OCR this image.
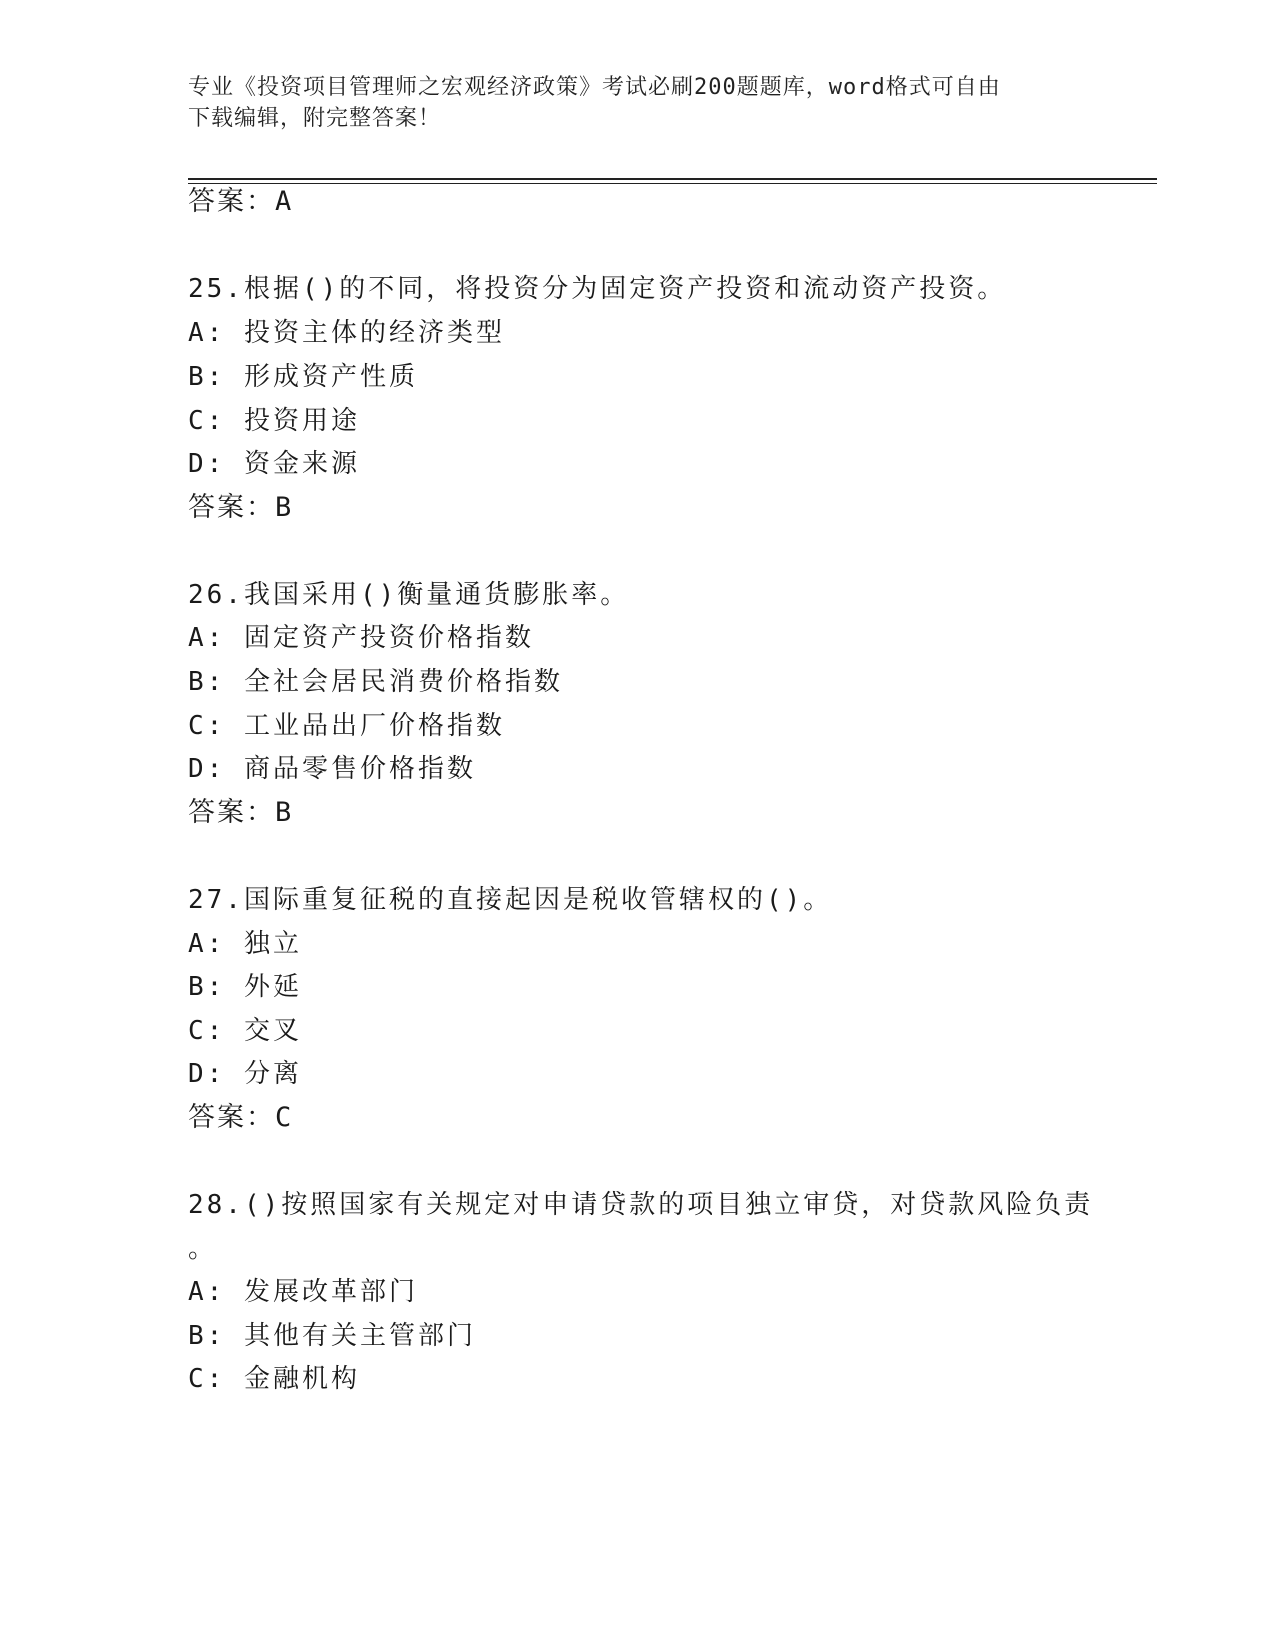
专业《投资项目管理师之宏观经济政策》考试必刷200题题库，word格式可自由
下载编辑，附完整答案！
答案：A
25.根据()的不同，将投资分为固定资产投资和流动资产投资。
A: 投资主体的经济类型
B: 形成资产性质
C: 投资用途
D: 资金来源
答案：B
26.我国采用()衡量通货膨胀率。
A: 固定资产投资价格指数
B: 全社会居民消费价格指数
C: 工业品出厂价格指数
D: 商品零售价格指数
答案：B
27.国际重复征税的直接起因是税收管辖权的()。
A: 独立
B: 外延
C: 交叉
D: 分离
答案：C
28.()按照国家有关规定对申请贷款的项目独立审贷，对贷款风险负责
。
A: 发展改革部门
B: 其他有关主管部门
C: 金融机构
